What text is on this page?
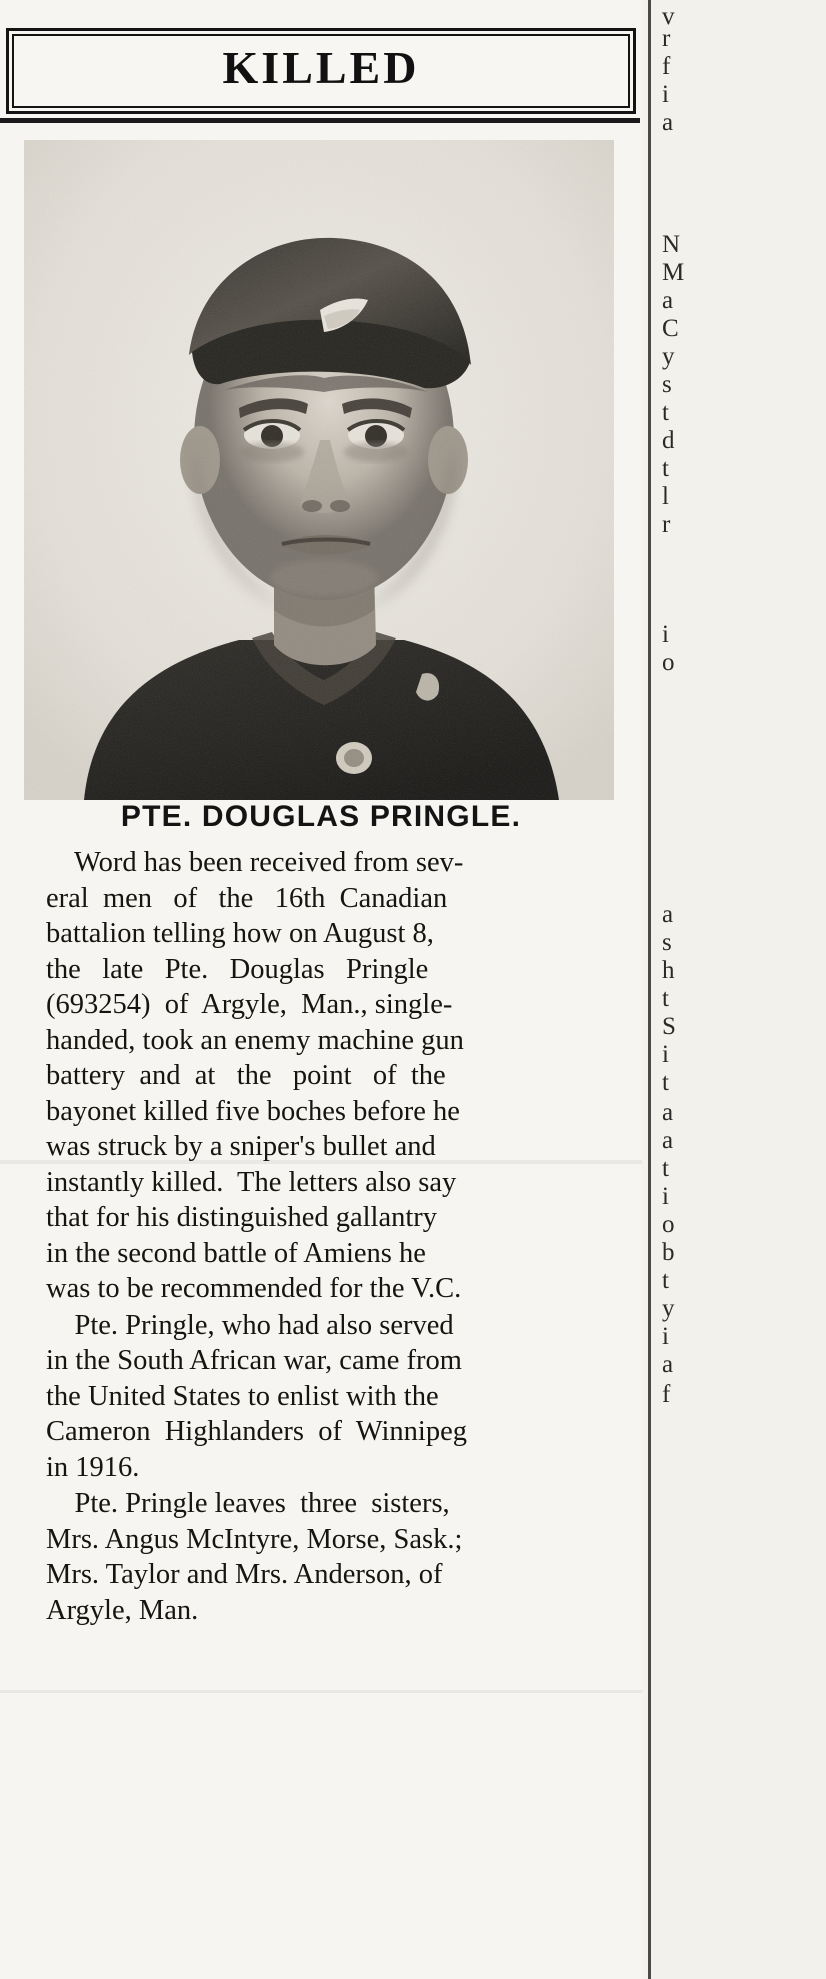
KILLED
PTE. DOUGLAS PRINGLE.

Word has been received from sev-
eral  men   of   the   16th  Canadian
battalion telling how on August 8,
the   late   Pte.   Douglas   Pringle
(693254)  of  Argyle,  Man., single-
handed, took an enemy machine gun
battery  and  at   the   point   of  the
bayonet killed five boches before he
was struck by a sniper's bullet and
instantly killed.  The letters also say
that for his distinguished gallantry
in the second battle of Amiens he
was to be recommended for the V.C.

Pte. Pringle, who had also served
in the South African war, came from
the United States to enlist with the
Cameron  Highlanders  of  Winnipeg
in 1916.

Pte. Pringle leaves  three  sisters,
Mrs. Angus McIntyre, Morse, Sask.;
Mrs. Taylor and Mrs. Anderson, of
Argyle, Man.

v
r
f
i
a
N
M
a
C
y
s
t
d
t
l
r
i
o
a
s
h
t
S
i
t
a
a
t
i
o
b
t
y
i
a
f
